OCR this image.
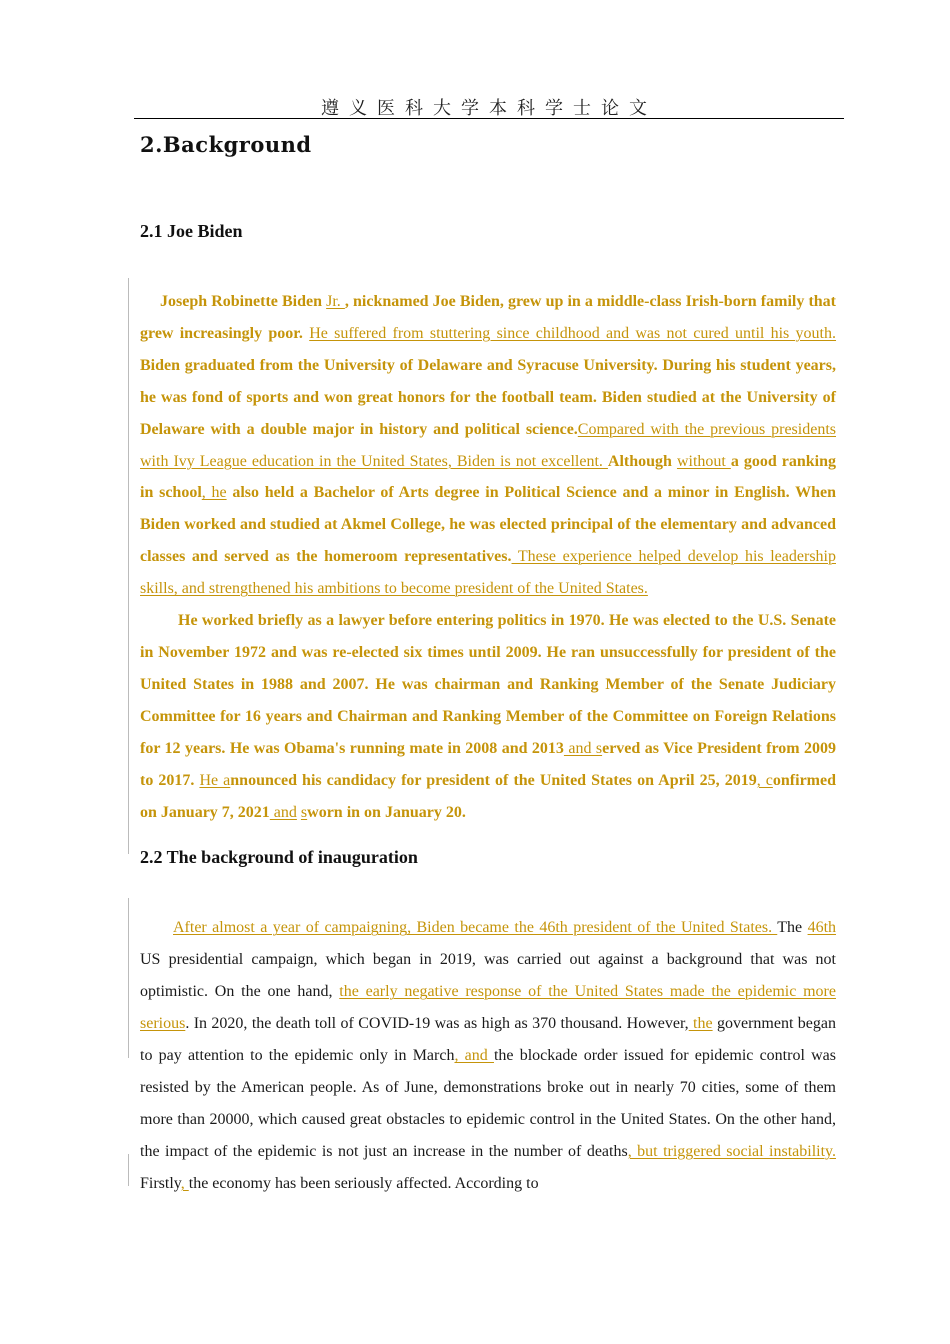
遵义医科大学本科学士论文
2.Background
2.1 Joe Biden

Joseph Robinette Biden Jr. , nicknamed Joe Biden, grew up in a middle-class Irish-born family that grew increasingly poor. He suffered from stuttering since childhood and was not cured until his youth. Biden graduated from the University of Delaware and Syracuse University. During his student years, he was fond of sports and won great honors for the football team. Biden studied at the University of Delaware with a double major in history and political science.Compared with the previous presidents with Ivy League education in the United States, Biden is not excellent. Although without a good ranking in school, he also held a Bachelor of Arts degree in Political Science and a minor in English. When Biden worked and studied at Akmel College, he was elected principal of the elementary and advanced classes and served as the homeroom representatives. These experience helped develop his leadership skills, and strengthened his ambitions to become president of the United States.

He worked briefly as a lawyer before entering politics in 1970. He was elected to the U.S. Senate in November 1972 and was re-elected six times until 2009. He ran unsuccessfully for president of the United States in 1988 and 2007. He was chairman and Ranking Member of the Senate Judiciary Committee for 16 years and Chairman and Ranking Member of the Committee on Foreign Relations for 12 years. He was Obama's running mate in 2008 and 2013 and served as Vice President from 2009 to 2017. He announced his candidacy for president of the United States on April 25, 2019, confirmed on January 7, 2021 and sworn in on January 20.

2.2 The background of inauguration

After almost a year of campaigning, Biden became the 46th president of the United States. The 46th US presidential campaign, which began in 2019, was carried out against a background that was not optimistic. On the one hand, the early negative response of the United States made the epidemic more serious. In 2020, the death toll of COVID-19 was as high as 370 thousand. However, the government began to pay attention to the epidemic only in March, and the blockade order issued for epidemic control was resisted by the American people. As of June, demonstrations broke out in nearly 70 cities, some of them more than 20000, which caused great obstacles to epidemic control in the United States. On the other hand, the impact of the epidemic is not just an increase in the number of deaths, but triggered social instability. Firstly, the economy has been seriously affected. According to
